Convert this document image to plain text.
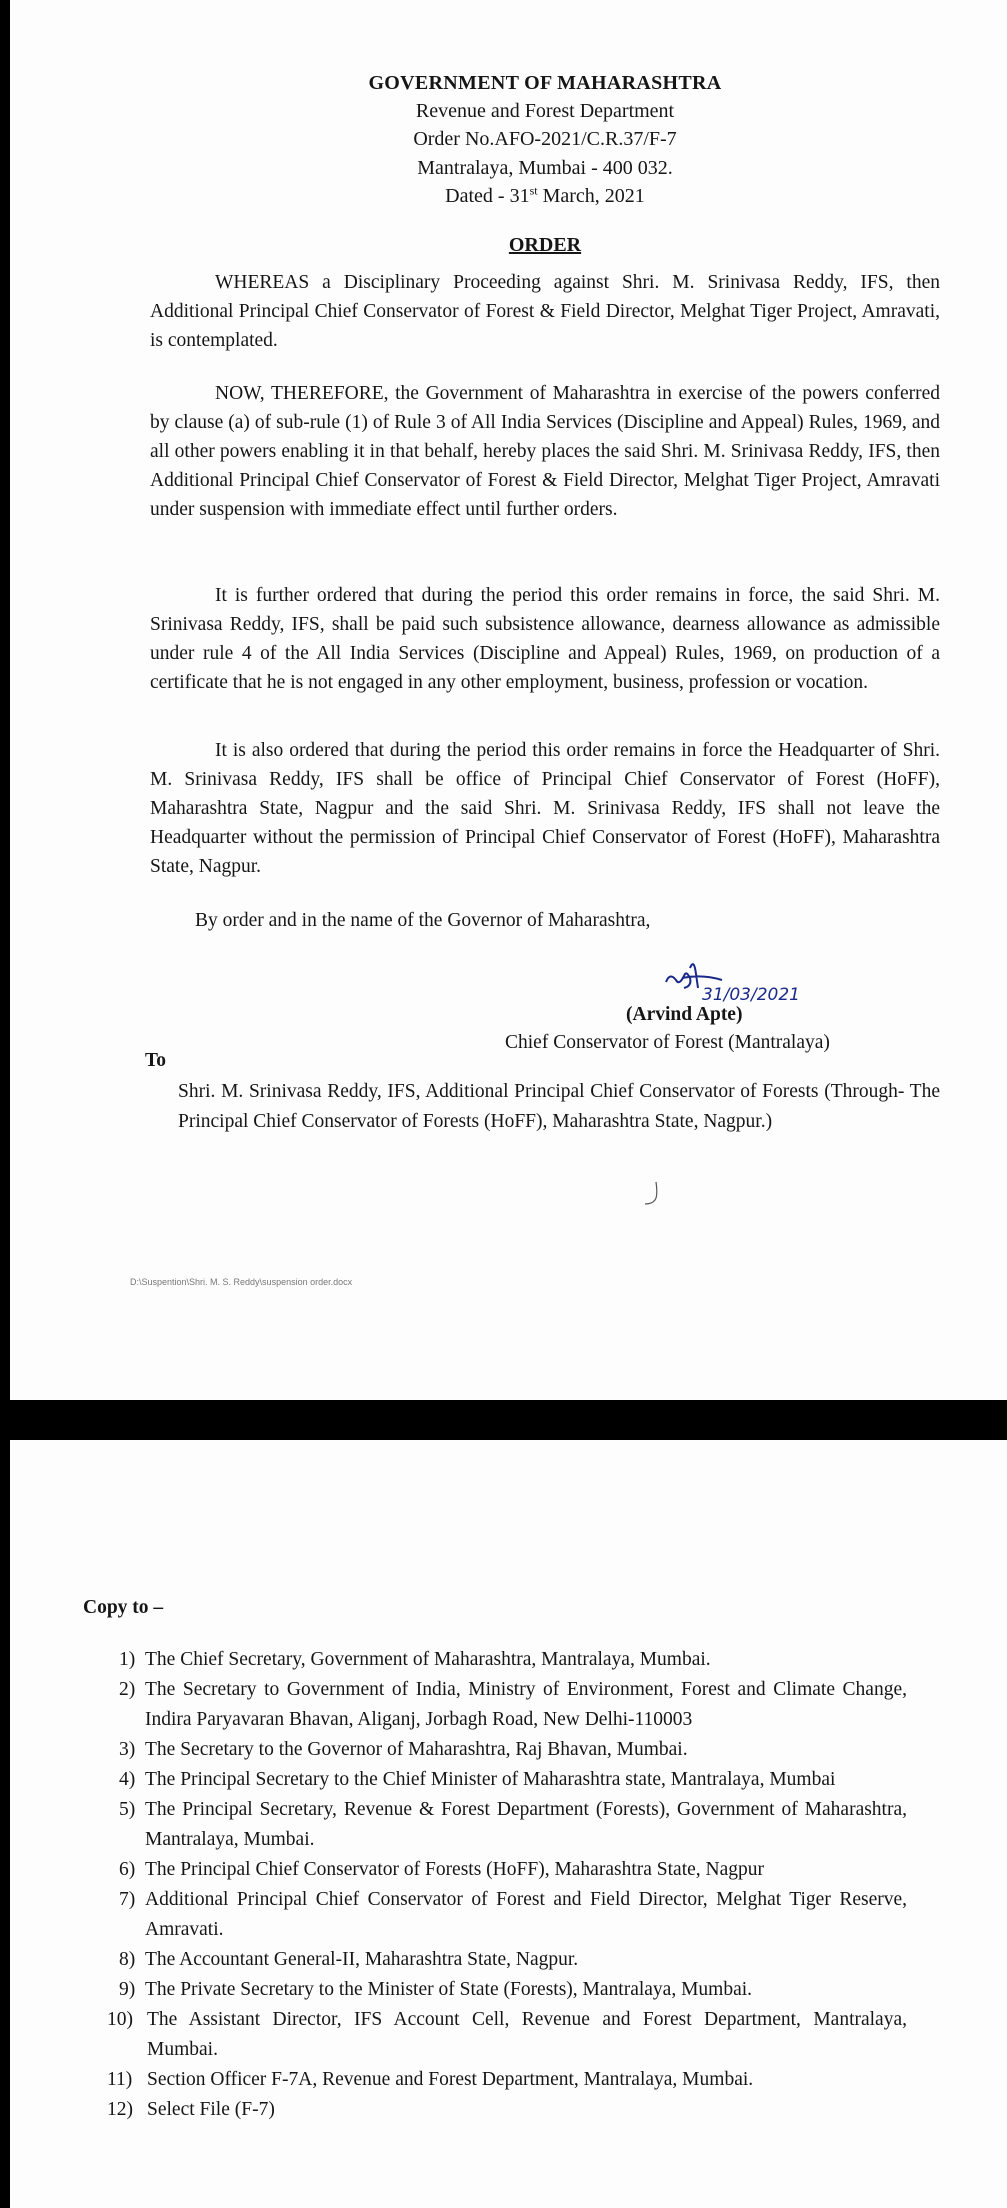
GOVERNMENT OF MAHARASHTRA
Revenue and Forest Department
Order No.AFO-2021/C.R.37/F-7
Mantralaya, Mumbai - 400 032.
Dated - 31st March, 2021
ORDER

WHEREAS a Disciplinary Proceeding against Shri. M. Srinivasa Reddy, IFS, then Additional Principal Chief Conservator of Forest & Field Director, Melghat Tiger Project, Amravati, is contemplated.

NOW, THEREFORE, the Government of Maharashtra in exercise of the powers conferred by clause (a) of sub-rule (1) of Rule 3 of All India Services (Discipline and Appeal) Rules, 1969, and all other powers enabling it in that behalf, hereby places the said Shri. M. Srinivasa Reddy, IFS, then Additional Principal Chief Conservator of Forest & Field Director, Melghat Tiger Project, Amravati under suspension with immediate effect until further orders.

It is further ordered that during the period this order remains in force, the said Shri. M. Srinivasa Reddy, IFS, shall be paid such subsistence allowance, dearness allowance as admissible under rule 4 of the All India Services (Discipline and Appeal) Rules, 1969, on production of a certificate that he is not engaged in any other employment, business, profession or vocation.

It is also ordered that during the period this order remains in force the Headquarter of Shri. M. Srinivasa Reddy, IFS shall be office of Principal Chief Conservator of Forest (HoFF), Maharashtra State, Nagpur and the said Shri. M. Srinivasa Reddy, IFS shall not leave the Headquarter without the permission of Principal Chief Conservator of Forest (HoFF), Maharashtra State, Nagpur.

By order and in the name of the Governor of Maharashtra,
31/03/2021
(Arvind Apte)
Chief Conservator of Forest (Mantralaya)
To
Shri. M. Srinivasa Reddy, IFS, Additional Principal Chief Conservator of Forests (Through- The Principal Chief Conservator of Forests (HoFF), Maharashtra State, Nagpur.)
D:\Suspention\Shri. M. S. Reddy\suspension order.docx
Copy to –
1) The Chief Secretary, Government of Maharashtra, Mantralaya, Mumbai.
2) The Secretary to Government of India, Ministry of Environment, Forest and Climate Change, Indira Paryavaran Bhavan, Aliganj, Jorbagh Road, New Delhi-110003
3) The Secretary to the Governor of Maharashtra, Raj Bhavan, Mumbai.
4) The Principal Secretary to the Chief Minister of Maharashtra state, Mantralaya, Mumbai
5) The Principal Secretary, Revenue & Forest Department (Forests), Government of Maharashtra, Mantralaya, Mumbai.
6) The Principal Chief Conservator of Forests (HoFF), Maharashtra State, Nagpur
7) Additional Principal Chief Conservator of Forest and Field Director, Melghat Tiger Reserve, Amravati.
8) The Accountant General-II, Maharashtra State, Nagpur.
9) The Private Secretary to the Minister of State (Forests), Mantralaya, Mumbai.
10) The Assistant Director, IFS Account Cell, Revenue and Forest Department, Mantralaya, Mumbai.
11) Section Officer F-7A, Revenue and Forest Department, Mantralaya, Mumbai.
12) Select File (F-7)
